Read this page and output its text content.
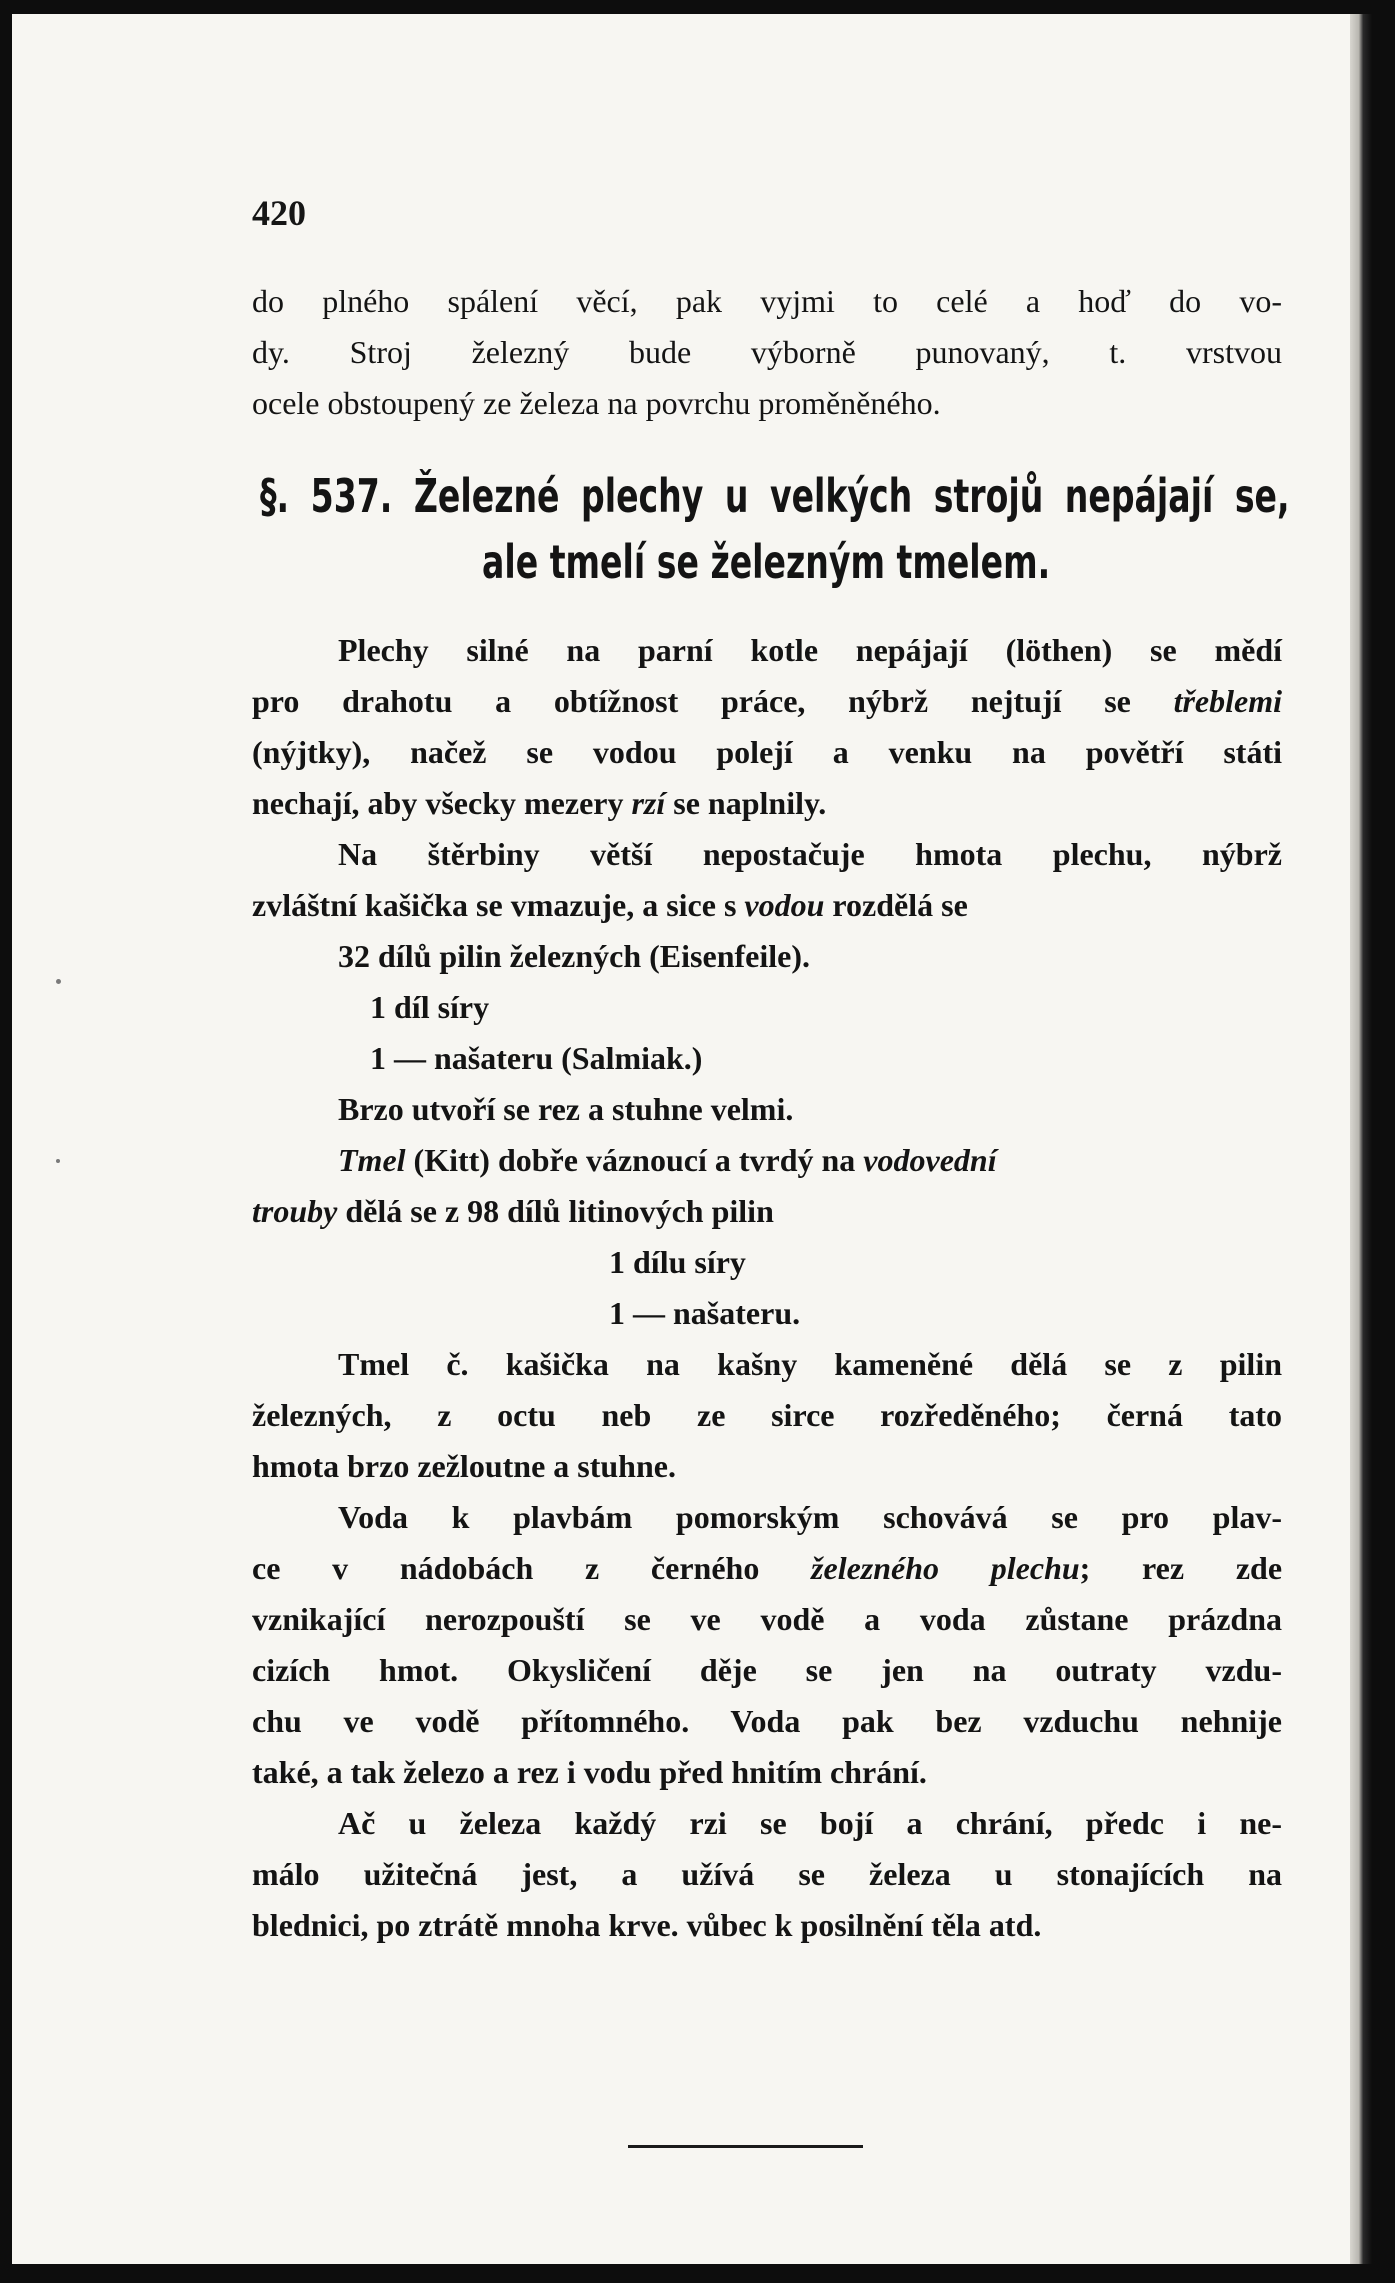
420
do plného spálení věcí, pak vyjmi to celé a hoď do vo-
dy. Stroj železný bude výborně punovaný, t. vrstvou
ocele obstoupený ze železa na povrchu proměněného.
§. 537. Železné plechy u velkých strojů nepájají se,
ale tmelí se železným tmelem.
Plechy silné na parní kotle nepájají (löthen) se mědí
pro drahotu a obtížnost práce, nýbrž nejtují se třeblemi
(nýjtky), načež se vodou polejí a venku na povětří státi
nechají, aby všecky mezery rzí se naplnily.
Na štěrbiny větší nepostačuje hmota plechu, nýbrž
zvláštní kašička se vmazuje, a sice s vodou rozdělá se
32 dílů pilin železných (Eisenfeile).
1 díl síry
1 — našateru (Salmiak.)
Brzo utvoří se rez a stuhne velmi.
Tmel (Kitt) dobře váznoucí a tvrdý na vodovední
trouby dělá se z 98 dílů litinových pilin
1 dílu síry
1 — našateru.
Tmel č. kašička na kašny kameněné dělá se z pilin
železných, z octu neb ze sirce rozředěného; černá tato
hmota brzo zežloutne a stuhne.
Voda k plavbám pomorským schovává se pro plav-
ce v nádobách z černého železného plechu; rez zde
vznikající nerozpouští se ve vodě a voda zůstane prázdna
cizích hmot. Okysličení děje se jen na outraty vzdu-
chu ve vodě přítomného. Voda pak bez vzduchu nehnije
také, a tak železo a rez i vodu před hnitím chrání.
Ač u železa každý rzi se bojí a chrání, předc i ne-
málo užitečná jest, a užívá se železa u stonajících na
blednici, po ztrátě mnoha krve. vůbec k posilnění těla atd.
